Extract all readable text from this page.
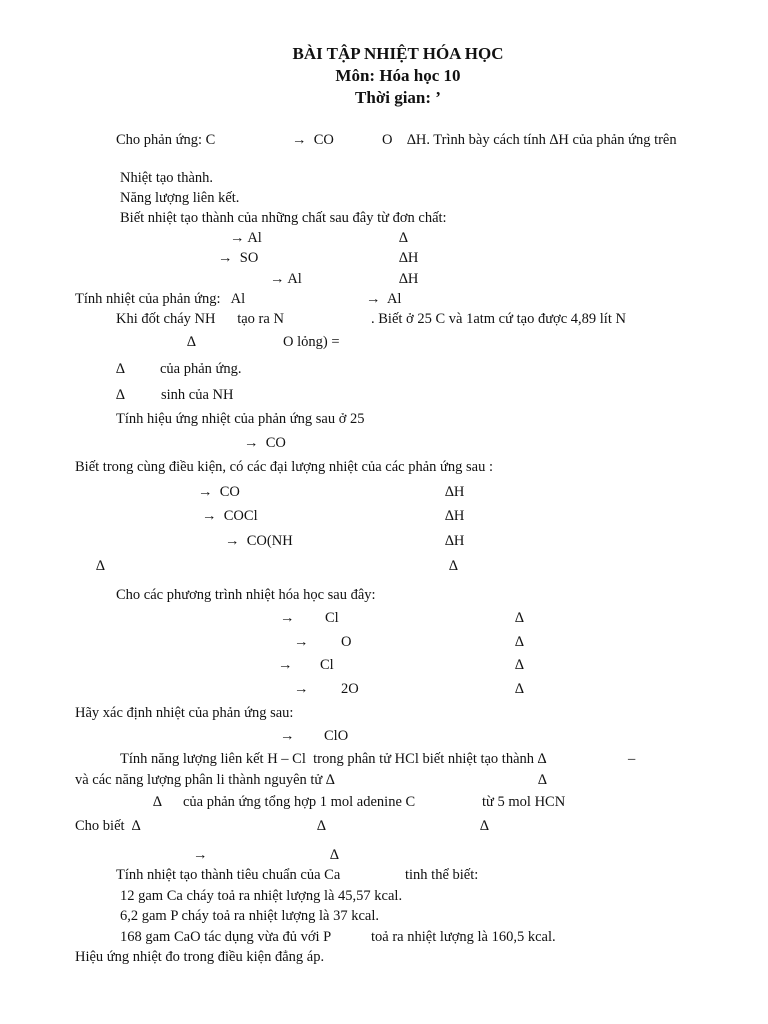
BÀI TẬP NHIỆT HÓA HỌC
Môn: Hóa học 10
Thời gian: ’
Cho phản ứng: C	→  CO	O    ∆H. Trình bày cách tính ∆H của phản ứng trên
Nhiệt tạo thành.
Năng lượng liên kết.
Biết nhiệt tạo thành của những chất sau đây từ đơn chất:
→ Al	∆
→  SO	∆H
→ Al	∆H
Tính nhiệt của phản ứng:   Al	→  Al
Khi đốt cháy NH      tạo ra N	. Biết ở 25 C và 1atm cứ tạo được 4,89 lít N
∆	O lỏng) =
∆ của phản ứng.
∆ sinh của NH
Tính hiệu ứng nhiệt của phản ứng sau ở 25
→  CO
Biết trong cùng điều kiện, có các đại lượng nhiệt của các phản ứng sau :
→  CO	∆H
→  COCl	∆H
→  CO(NH	∆H
∆	∆
Cho các phương trình nhiệt hóa học sau đây:
→ Cl	∆
→ O	∆
→ Cl	∆
→ 2O	∆
Hãy xác định nhiệt của phản ứng sau:
→ ClO
Tính năng lượng liên kết H – Cl  trong phân tử HCl biết nhiệt tạo thành ∆	–
và các năng lượng phân li thành nguyên tử ∆	∆
∆ của phản ứng tổng hợp 1 mol adenine C	từ 5 mol HCN
Cho biết  ∆	∆	∆
→	∆
Tính nhiệt tạo thành tiêu chuẩn của Ca	tinh thể biết:
12 gam Ca cháy toả ra nhiệt lượng là 45,57 kcal.
6,2 gam P cháy toả ra nhiệt lượng là 37 kcal.
168 gam CaO tác dụng vừa đủ với P	toả ra nhiệt lượng là 160,5 kcal.
Hiệu ứng nhiệt đo trong điều kiện đẳng áp.
